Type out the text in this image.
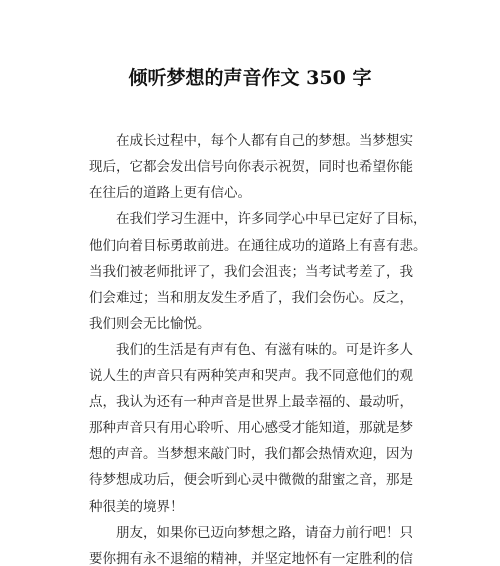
倾听梦想的声音作文 350 字
在成长过程中，每个人都有自己的梦想。当梦想实
现后，它都会发出信号向你表示祝贺，同时也希望你能
在往后的道路上更有信心。
在我们学习生涯中，许多同学心中早已定好了目标，
他们向着目标勇敢前进。在通往成功的道路上有喜有悲。
当我们被老师批评了，我们会沮丧；当考试考差了，我
们会难过；当和朋友发生矛盾了，我们会伤心。反之，
我们则会无比愉悦。
我们的生活是有声有色、有滋有味的。可是许多人
说人生的声音只有两种笑声和哭声。我不同意他们的观
点，我认为还有一种声音是世界上最幸福的、最动听，
那种声音只有用心聆听、用心感受才能知道，那就是梦
想的声音。当梦想来敲门时，我们都会热情欢迎，因为
待梦想成功后，便会听到心灵中微微的甜蜜之音，那是
种很美的境界！
朋友，如果你已迈向梦想之路，请奋力前行吧！只
要你拥有永不退缩的精神，并坚定地怀有一定胜利的信
